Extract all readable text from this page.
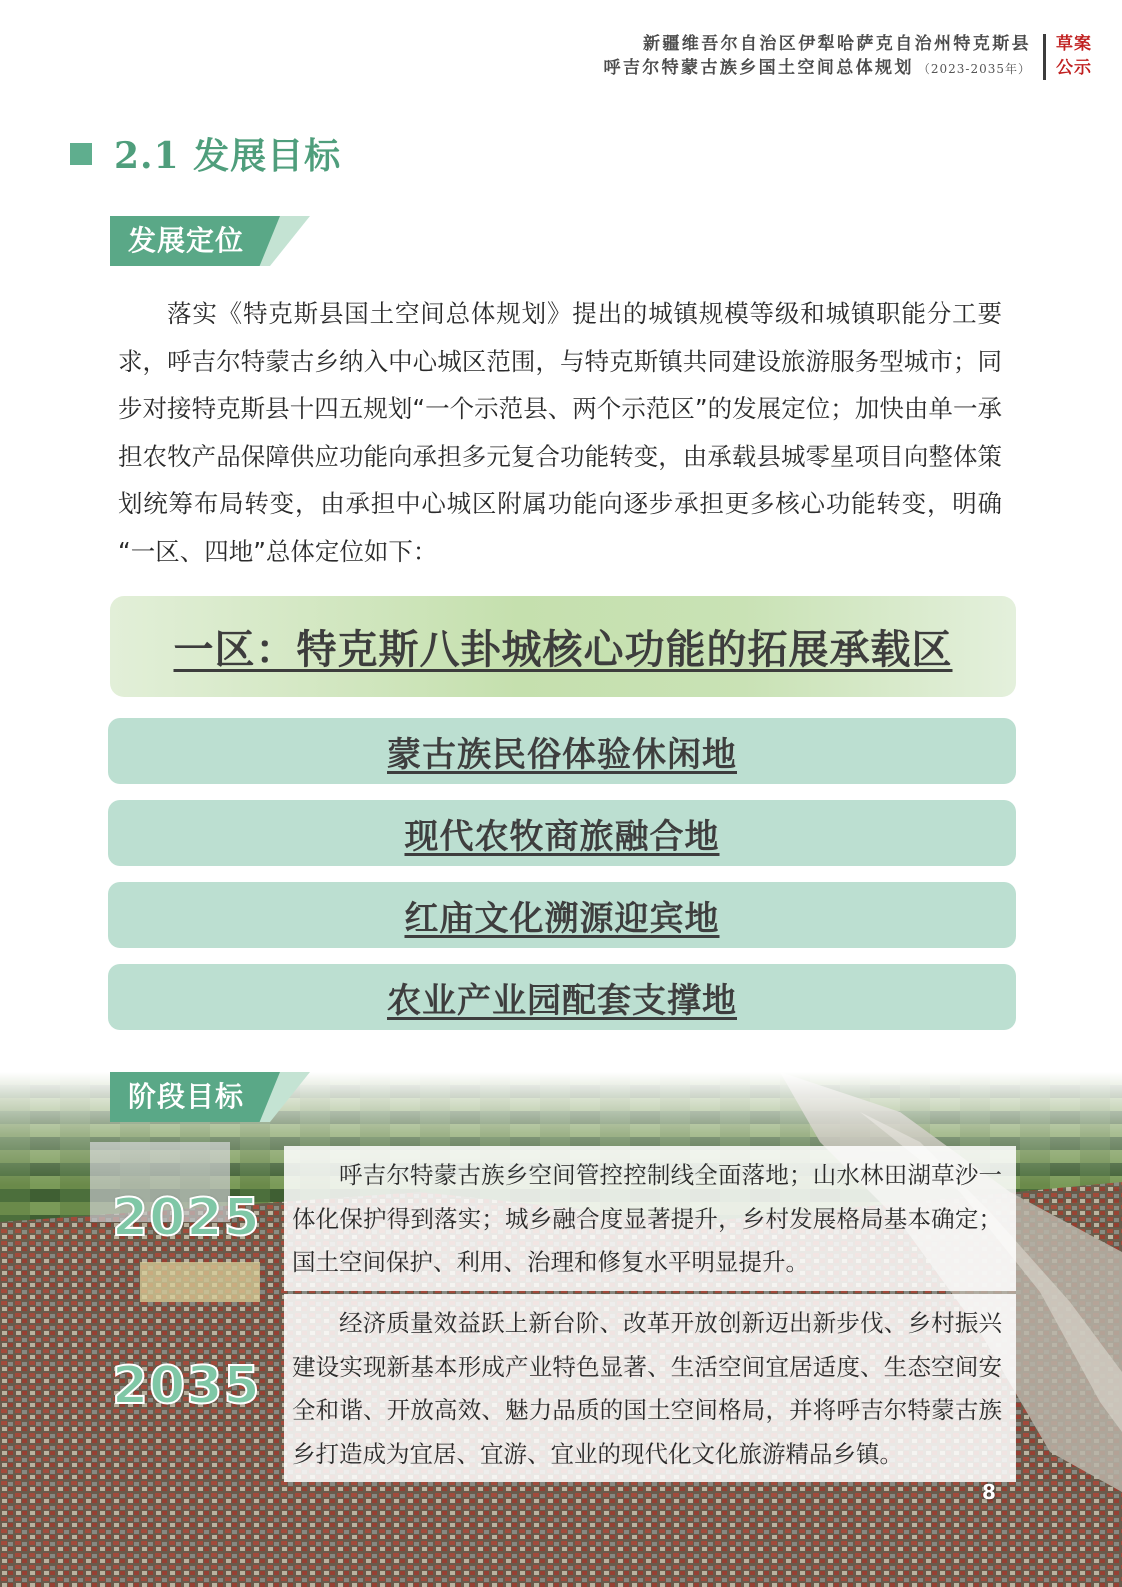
新疆维吾尔自治区伊犁哈萨克自治州特克斯县
呼吉尔特蒙古族乡国土空间总体规划 （2023-2035年）
草案
公示
2.1 发展目标
发展定位

落实《特克斯县国土空间总体规划》提出的城镇规模等级和城镇职能分工要求，呼吉尔特蒙古乡纳入中心城区范围，与特克斯镇共同建设旅游服务型城市；同步对接特克斯县十四五规划“一个示范县、两个示范区”的发展定位；加快由单一承担农牧产品保障供应功能向承担多元复合功能转变，由承载县城零星项目向整体策划统筹布局转变，由承担中心城区附属功能向逐步承担更多核心功能转变，明确 “一区、四地”总体定位如下：

一区：特克斯八卦城核心功能的拓展承载区
蒙古族民俗体验休闲地
现代农牧商旅融合地
红庙文化溯源迎宾地
农业产业园配套支撑地
阶段目标
2025

呼吉尔特蒙古族乡空间管控控制线全面落地；山水林田湖草沙一体化保护得到落实；城乡融合度显著提升，乡村发展格局基本确定；国土空间保护、利用、治理和修复水平明显提升。

2035

经济质量效益跃上新台阶、改革开放创新迈出新步伐、乡村振兴建设实现新基本形成产业特色显著、生活空间宜居适度、生态空间安全和谐、开放高效、魅力品质的国土空间格局，并将呼吉尔特蒙古族乡打造成为宜居、宜游、宜业的现代化文化旅游精品乡镇。

8
